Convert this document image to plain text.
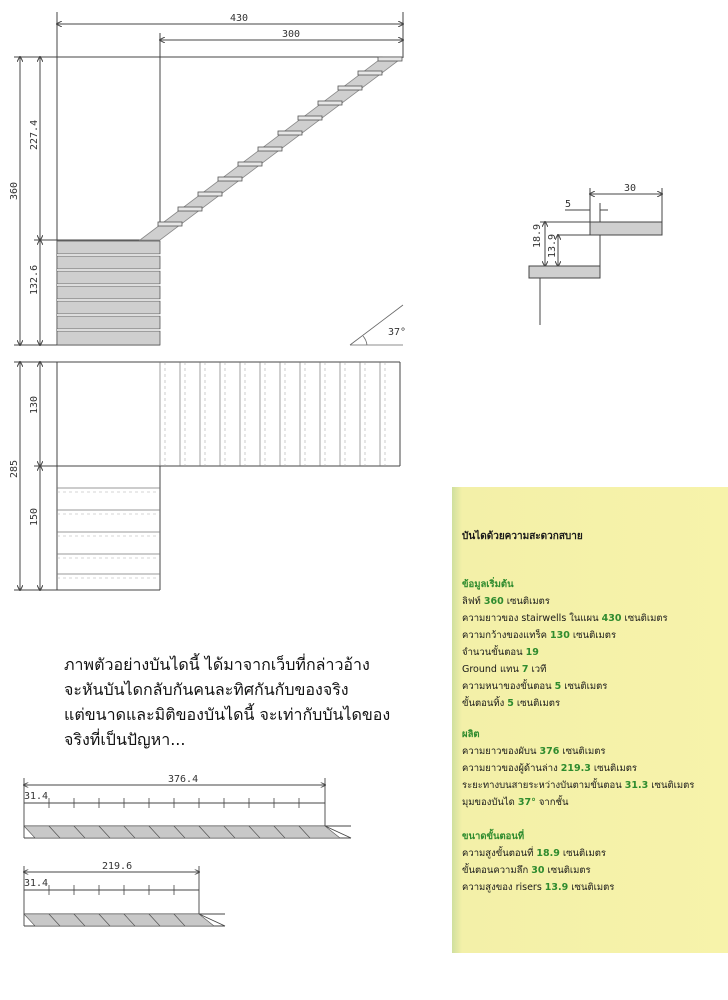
37°
430
300
360
227.4
132.6
285
130
150
30
5
18.9 13.9
376.4
31.4
219.6
31.4
ภาพตัวอย่างบันไดนี้ ได้มาจากเว็บที่กล่าวอ้าง
จะหันบันไดกลับกันคนละทิศกันกับของจริง
แต่ขนาดและมิติของบันไดนี้ จะเท่ากับบันไดของ
จริงที่เป็นปัญหา...
บันไดด้วยความสะดวกสบาย
ข้อมูลเริ่มต้น
ลิฟท์ 360 เซนติเมตร
ความยาวของ stairwells ในแผน 430 เซนติเมตร
ความกว้างของแทร็ค 130 เซนติเมตร
จำนวนขั้นตอน 19
Ground แทน 7 เวที
ความหนาของขั้นตอน 5 เซนติเมตร
ขั้นตอนทิ้ง 5 เซนติเมตร
ผลิต
ความยาวของผับน 376 เซนติเมตร
ความยาวของผู้ด้านล่าง 219.3 เซนติเมตร
ระยะทางบนสายระหว่างบันตามขั้นตอน 31.3 เซนติเมตร
มุมของบันได 37° จากชั้น
ขนาดขั้นตอนที่
ความสูงขั้นตอนที่ 18.9 เซนติเมตร
ขั้นตอนความลึก 30 เซนติเมตร
ความสูงของ risers 13.9 เซนติเมตร
